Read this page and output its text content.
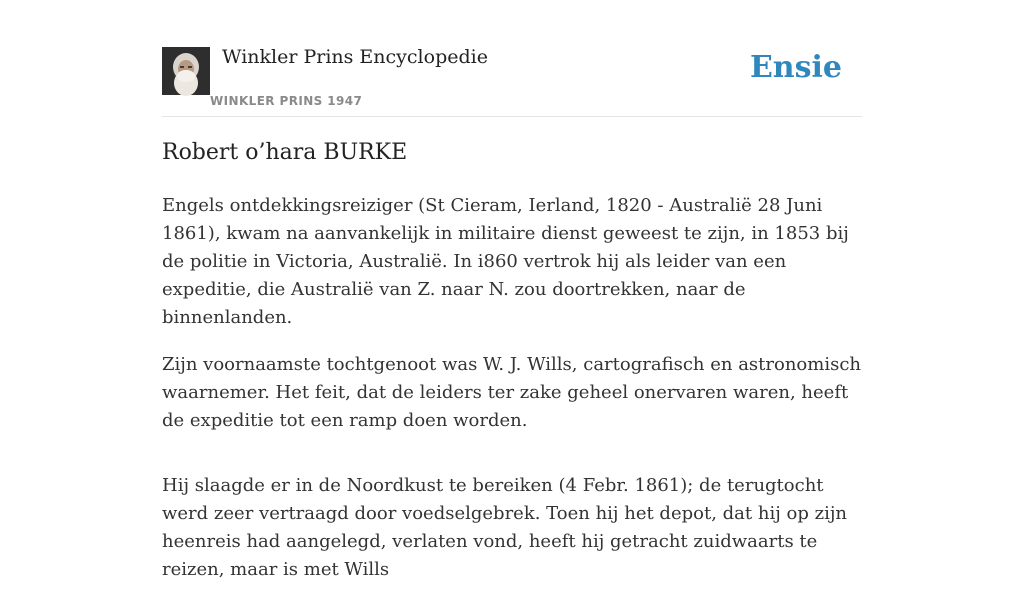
Winkler Prins Encyclopedie
WINKLER PRINS 1947
Ensie
Robert o’hara BURKE

Engels ontdekkingsreiziger (St Cieram, Ierland, 1820 - Australië 28 Juni 1861), kwam na aanvankelijk in militaire dienst geweest te zijn, in 1853 bij de politie in Victoria, Australië. In i860 vertrok hij als leider van een expeditie, die Australië van Z. naar N. zou doortrekken, naar de binnenlanden.

Zijn voornaamste tochtgenoot was W. J. Wills, cartografisch en astronomisch waarnemer. Het feit, dat de leiders ter zake geheel onervaren waren, heeft de expeditie tot een ramp doen worden.

Hij slaagde er in de Noordkust te bereiken (4 Febr. 1861); de terugtocht werd zeer vertraagd door voedselgebrek. Toen hij het depot, dat hij op zijn heenreis had aangelegd, verlaten vond, heeft hij getracht zuidwaarts te reizen, maar is met Wills
